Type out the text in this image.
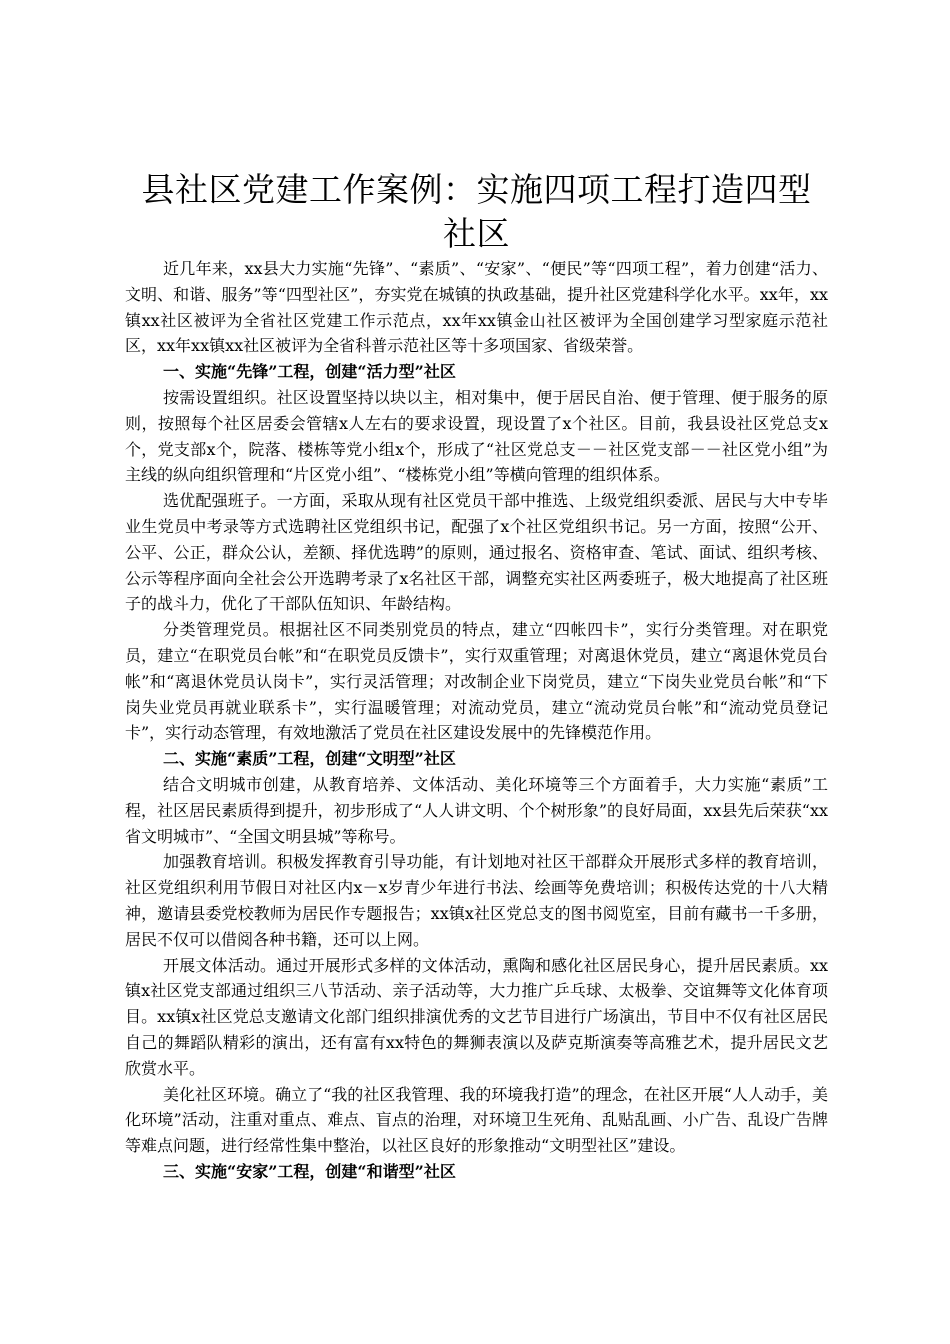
县社区党建工作案例：实施四项工程打造四型社区

近几年来，xx县大力实施“先锋”、“素质”、“安家”、“便民”等“四项工程”，着力创建“活力、文明、和谐、服务”等“四型社区”，夯实党在城镇的执政基础，提升社区党建科学化水平。xx年，xx镇xx社区被评为全省社区党建工作示范点，xx年xx镇金山社区被评为全国创建学习型家庭示范社区，xx年xx镇xx社区被评为全省科普示范社区等十多项国家、省级荣誉。

一、实施“先锋”工程，创建“活力型”社区

按需设置组织。社区设置坚持以块以主，相对集中，便于居民自治、便于管理、便于服务的原则，按照每个社区居委会管辖x人左右的要求设置，现设置了x个社区。目前，我县设社区党总支x个，党支部x个，院落、楼栋等党小组x个，形成了“社区党总支－－社区党支部－－社区党小组”为主线的纵向组织管理和“片区党小组”、“楼栋党小组”等横向管理的组织体系。

选优配强班子。一方面，采取从现有社区党员干部中推选、上级党组织委派、居民与大中专毕业生党员中考录等方式选聘社区党组织书记，配强了x个社区党组织书记。另一方面，按照“公开、公平、公正，群众公认，差额、择优选聘”的原则，通过报名、资格审查、笔试、面试、组织考核、公示等程序面向全社会公开选聘考录了x名社区干部，调整充实社区两委班子，极大地提高了社区班子的战斗力，优化了干部队伍知识、年龄结构。

分类管理党员。根据社区不同类别党员的特点，建立“四帐四卡”，实行分类管理。对在职党员，建立“在职党员台帐”和“在职党员反馈卡”，实行双重管理；对离退休党员，建立“离退休党员台帐”和“离退休党员认岗卡”，实行灵活管理；对改制企业下岗党员，建立“下岗失业党员台帐”和“下岗失业党员再就业联系卡”，实行温暖管理；对流动党员，建立“流动党员台帐”和“流动党员登记卡”，实行动态管理，有效地激活了党员在社区建设发展中的先锋模范作用。

二、实施“素质”工程，创建“文明型”社区

结合文明城市创建，从教育培养、文体活动、美化环境等三个方面着手，大力实施“素质”工程，社区居民素质得到提升，初步形成了“人人讲文明、个个树形象”的良好局面，xx县先后荣获“xx省文明城市”、“全国文明县城”等称号。

加强教育培训。积极发挥教育引导功能，有计划地对社区干部群众开展形式多样的教育培训，社区党组织利用节假日对社区内x－x岁青少年进行书法、绘画等免费培训；积极传达党的十八大精神，邀请县委党校教师为居民作专题报告；xx镇x社区党总支的图书阅览室，目前有藏书一千多册，居民不仅可以借阅各种书籍，还可以上网。

开展文体活动。通过开展形式多样的文体活动，熏陶和感化社区居民身心，提升居民素质。xx镇x社区党支部通过组织三八节活动、亲子活动等，大力推广乒乓球、太极拳、交谊舞等文化体育项目。xx镇x社区党总支邀请文化部门组织排演优秀的文艺节目进行广场演出，节目中不仅有社区居民自己的舞蹈队精彩的演出，还有富有xx特色的舞狮表演以及萨克斯演奏等高雅艺术，提升居民文艺欣赏水平。

美化社区环境。确立了“我的社区我管理、我的环境我打造”的理念，在社区开展“人人动手，美化环境”活动，注重对重点、难点、盲点的治理，对环境卫生死角、乱贴乱画、小广告、乱设广告牌等难点问题，进行经常性集中整治，以社区良好的形象推动“文明型社区”建设。

三、实施“安家”工程，创建“和谐型”社区
